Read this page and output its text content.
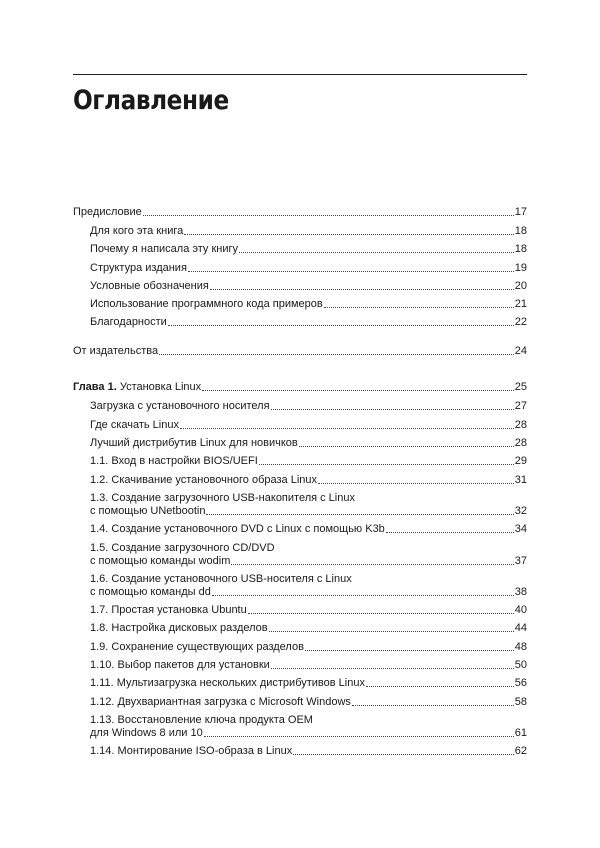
Оглавление
Предисловие	17
Для кого эта книга	18
Почему я написала эту книгу	18
Структура издания	19
Условные обозначения	20
Использование программного кода примеров	21
Благодарности	22
От издательства	24
Глава 1. Установка Linux	25
Загрузка с установочного носителя	27
Где скачать Linux	28
Лучший дистрибутив Linux для новичков	28
1.1. Вход в настройки BIOS/UEFI	29
1.2. Скачивание установочного образа Linux	31
1.3. Создание загрузочного USB-накопителя с Linux
с помощью UNetbootin	32
1.4. Создание установочного DVD с Linux с помощью K3b	34
1.5. Создание загрузочного CD/DVD
с помощью команды wodim	37
1.6. Создание установочного USB-носителя с Linux
с помощью команды dd	38
1.7. Простая установка Ubuntu	40
1.8. Настройка дисковых разделов	44
1.9. Сохранение существующих разделов	48
1.10. Выбор пакетов для установки	50
1.11. Мультизагрузка нескольких дистрибутивов Linux	56
1.12. Двухвариантная загрузка с Microsoft Windows	58
1.13. Восстановление ключа продукта OEM
для Windows 8 или 10	61
1.14. Монтирование ISO-образа в Linux	62
